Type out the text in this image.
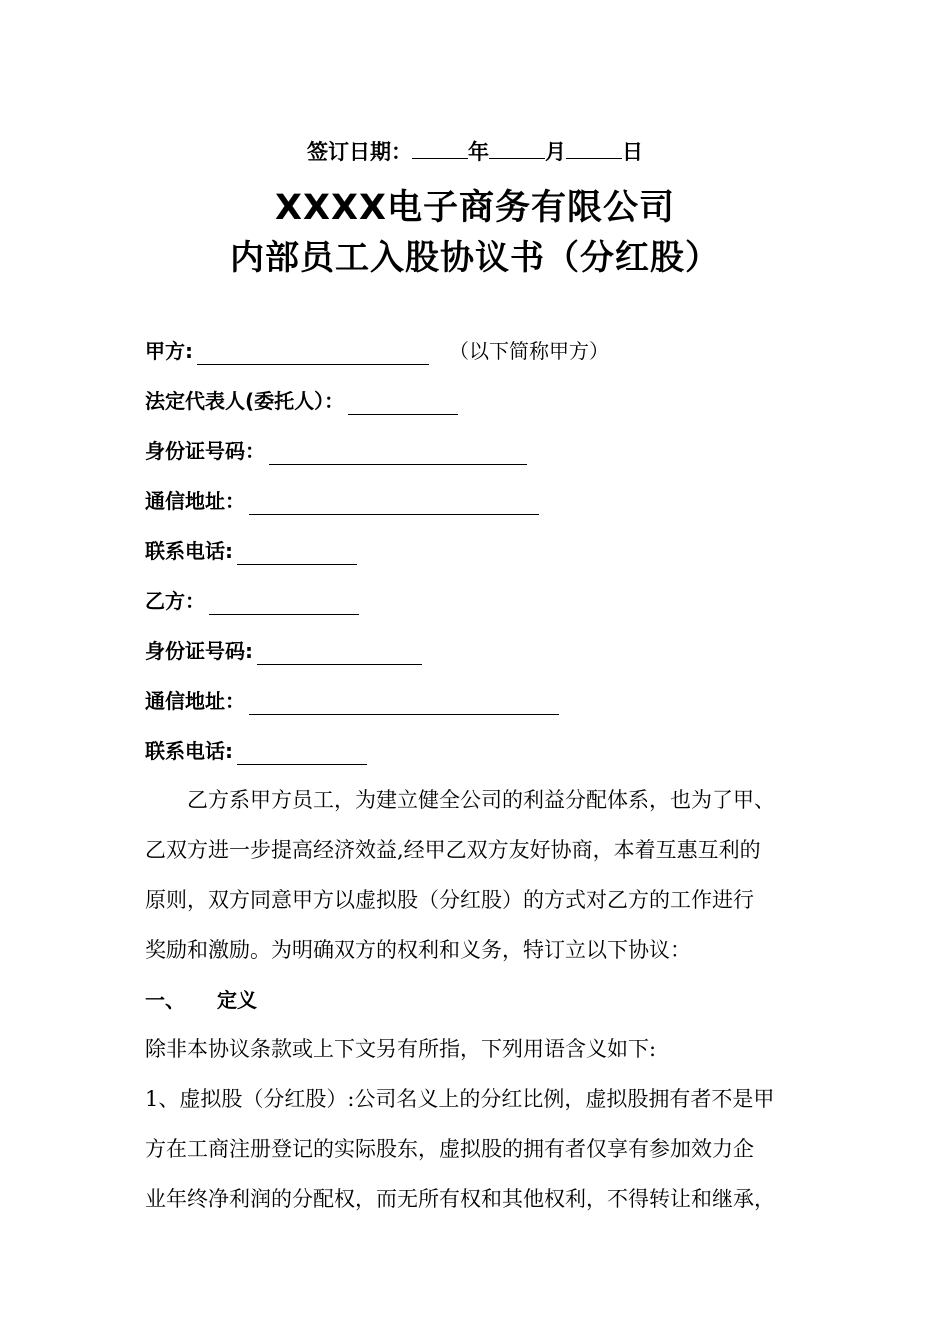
签订日期：	年	月	日
XXXX电子商务有限公司
内部员工入股协议书（分红股）
甲方:	（以下简称甲方）
法定代表人(委托人）：
身份证号码：
通信地址：
联系电话:
乙方：
身份证号码:
通信地址：
联系电话:
乙方系甲方员工，为建立健全公司的利益分配体系，也为了甲、
乙双方进一步提高经济效益,经甲乙双方友好协商，本着互惠互利的
原则，双方同意甲方以虚拟股（分红股）的方式对乙方的工作进行
奖励和激励。为明确双方的权利和义务，特订立以下协议：
一、 定义
除非本协议条款或上下文另有所指，下列用语含义如下:
1、虚拟股（分红股）:公司名义上的分红比例，虚拟股拥有者不是甲
方在工商注册登记的实际股东，虚拟股的拥有者仅享有参加效力企
业年终净利润的分配权，而无所有权和其他权利，不得转让和继承，
